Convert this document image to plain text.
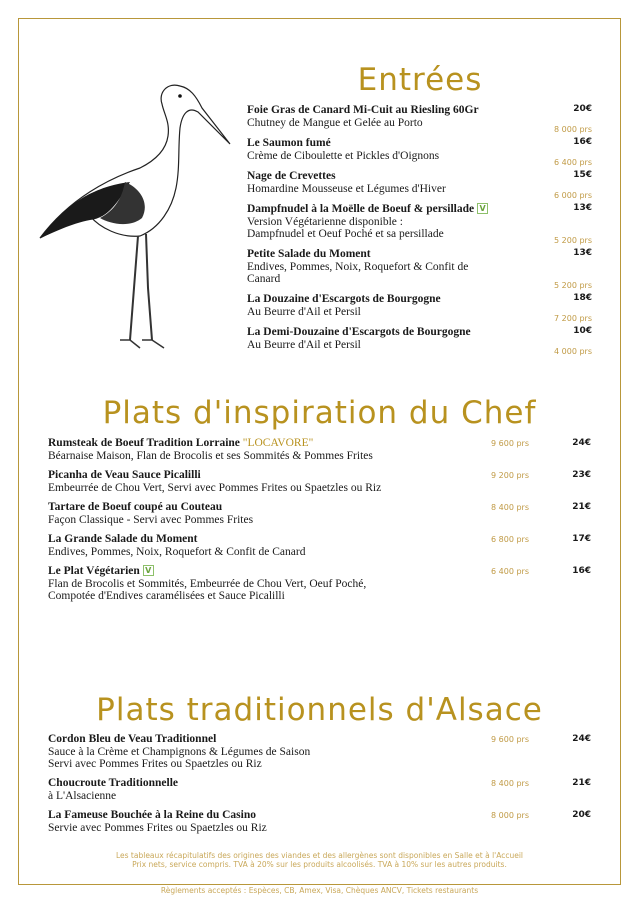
Entrées
Foie Gras de Canard Mi-Cuit au Riesling 60Gr
Chutney de Mangue et Gelée au Porto
8 000 prs
20€
Le Saumon fumé
Crème de Ciboulette et Pickles d'Oignons
6 400 prs
16€
Nage de Crevettes
Homardine Mousseuse et Légumes d'Hiver
6 000 prs
15€
Dampfnudel à la Moëlle de Boeuf & persillade V
Version Végétarienne disponible :
Dampfnudel et Oeuf Poché et sa persillade
5 200 prs
13€
Petite Salade du Moment
Endives, Pommes, Noix, Roquefort & Confit de
Canard
5 200 prs
13€
La Douzaine d'Escargots de Bourgogne
Au Beurre d'Ail et Persil
7 200 prs
18€
La Demi-Douzaine d'Escargots de Bourgogne
Au Beurre d'Ail et Persil
4 000 prs
10€
Plats d'inspiration du Chef
Rumsteak de Boeuf Tradition Lorraine "LOCAVORE"
Béarnaise Maison, Flan de Brocolis et ses Sommités & Pommes Frites
9 600 prs	24€
Picanha de Veau Sauce Picalilli
Embeurrée de Chou Vert, Servi avec Pommes Frites ou Spaetzles ou Riz
9 200 prs	23€
Tartare de Boeuf coupé au Couteau
Façon Classique - Servi avec Pommes Frites
8 400 prs	21€
La Grande Salade du Moment
Endives, Pommes, Noix, Roquefort & Confit de Canard
6 800 prs	17€
Le Plat Végétarien V
Flan de Brocolis et Sommités, Embeurrée de Chou Vert, Oeuf Poché,
Compotée d'Endives caramélisées et Sauce Picalilli
6 400 prs	16€
Plats traditionnels d'Alsace
Cordon Bleu de Veau Traditionnel
Sauce à la Crème et Champignons & Légumes de Saison
Servi avec Pommes Frites ou Spaetzles ou Riz
9 600 prs	24€
Choucroute Traditionnelle
à L'Alsacienne
8 400 prs	21€
La Fameuse Bouchée à la Reine du Casino
Servie avec Pommes Frites ou Spaetzles ou Riz
8 000 prs	20€
Les tableaux récapitulatifs des origines des viandes et des allergènes sont disponibles en Salle et à l'Accueil
Prix nets, service compris. TVA à 20% sur les produits alcoolisés. TVA à 10% sur les autres produits.
Règlements acceptés : Espèces, CB, Amex, Visa, Chèques ANCV, Tickets restaurants
